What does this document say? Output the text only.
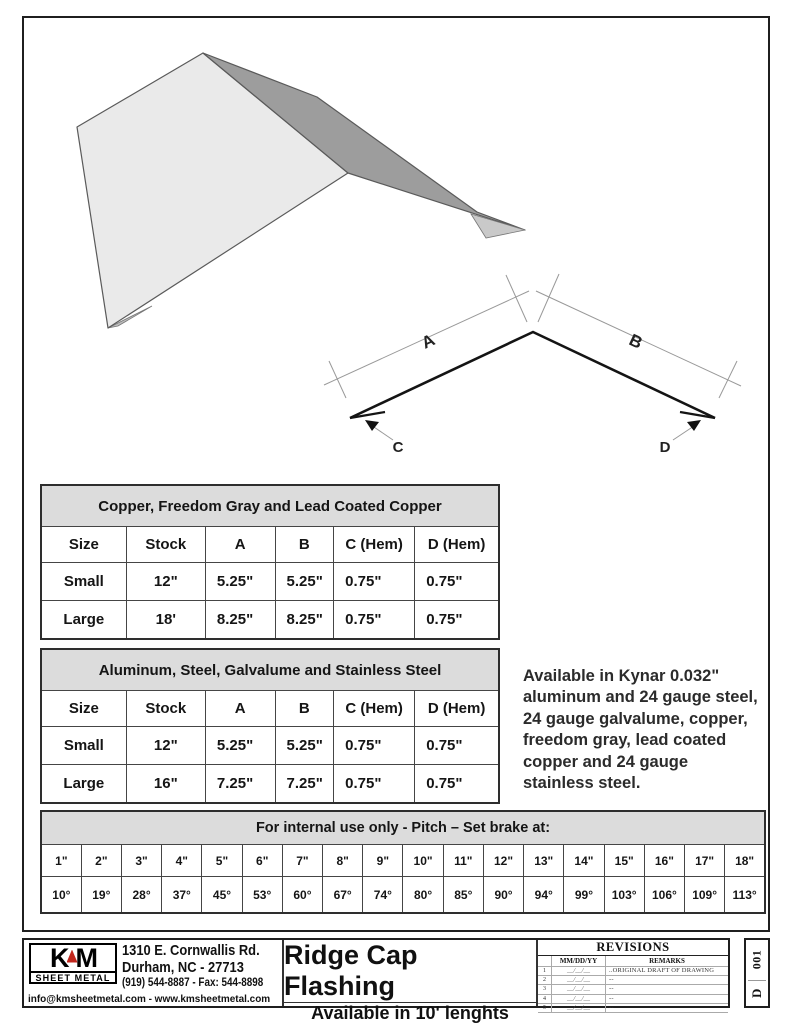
A	B
C	D
Copper, Freedom Gray and Lead Coated Copper					
Size	Stock	A	B	C (Hem)	D (Hem)
Small	12"	5.25"	5.25"	0.75"	0.75"
Large	18'	8.25"	8.25"	0.75"	0.75"
Aluminum, Steel, Galvalume and Stainless Steel					
Size	Stock	A	B	C (Hem)	D (Hem)
Small	12"	5.25"	5.25"	0.75"	0.75"
Large	16"	7.25"	7.25"	0.75"	0.75"
Available in Kynar 0.032" aluminum and 24 gauge steel, 24 gauge galvalume, copper, freedom gray, lead coated copper and 24 gauge stainless steel.
For internal use only - Pitch – Set brake at:																	
1"	2"	3"	4"	5"	6"	7"	8"	9"	10"	11"	12"	13"	14"	15"	16"	17"	18"
10°	19°	28°	37°	45°	53°	60°	67°	74°	80°	85°	90°	94°	99°	103°	106°	109°	113°
K M
SHEET METAL
1310 E. Cornwallis Rd.
Durham, NC - 27713
(919) 544-8887 - Fax: 544-8898
info@kmsheetmetal.com - www.kmsheetmetal.com
Ridge Cap Flashing
Available in 10' lenghts
REVISIONS
MM/DD/YY	REMARKS
1	__/__/__	..ORIGINAL DRAFT OF DRAWING
2	__/__/__	--
3	__/__/__	--
4	__/__/__	--
5	__/__/__	--
001
D
